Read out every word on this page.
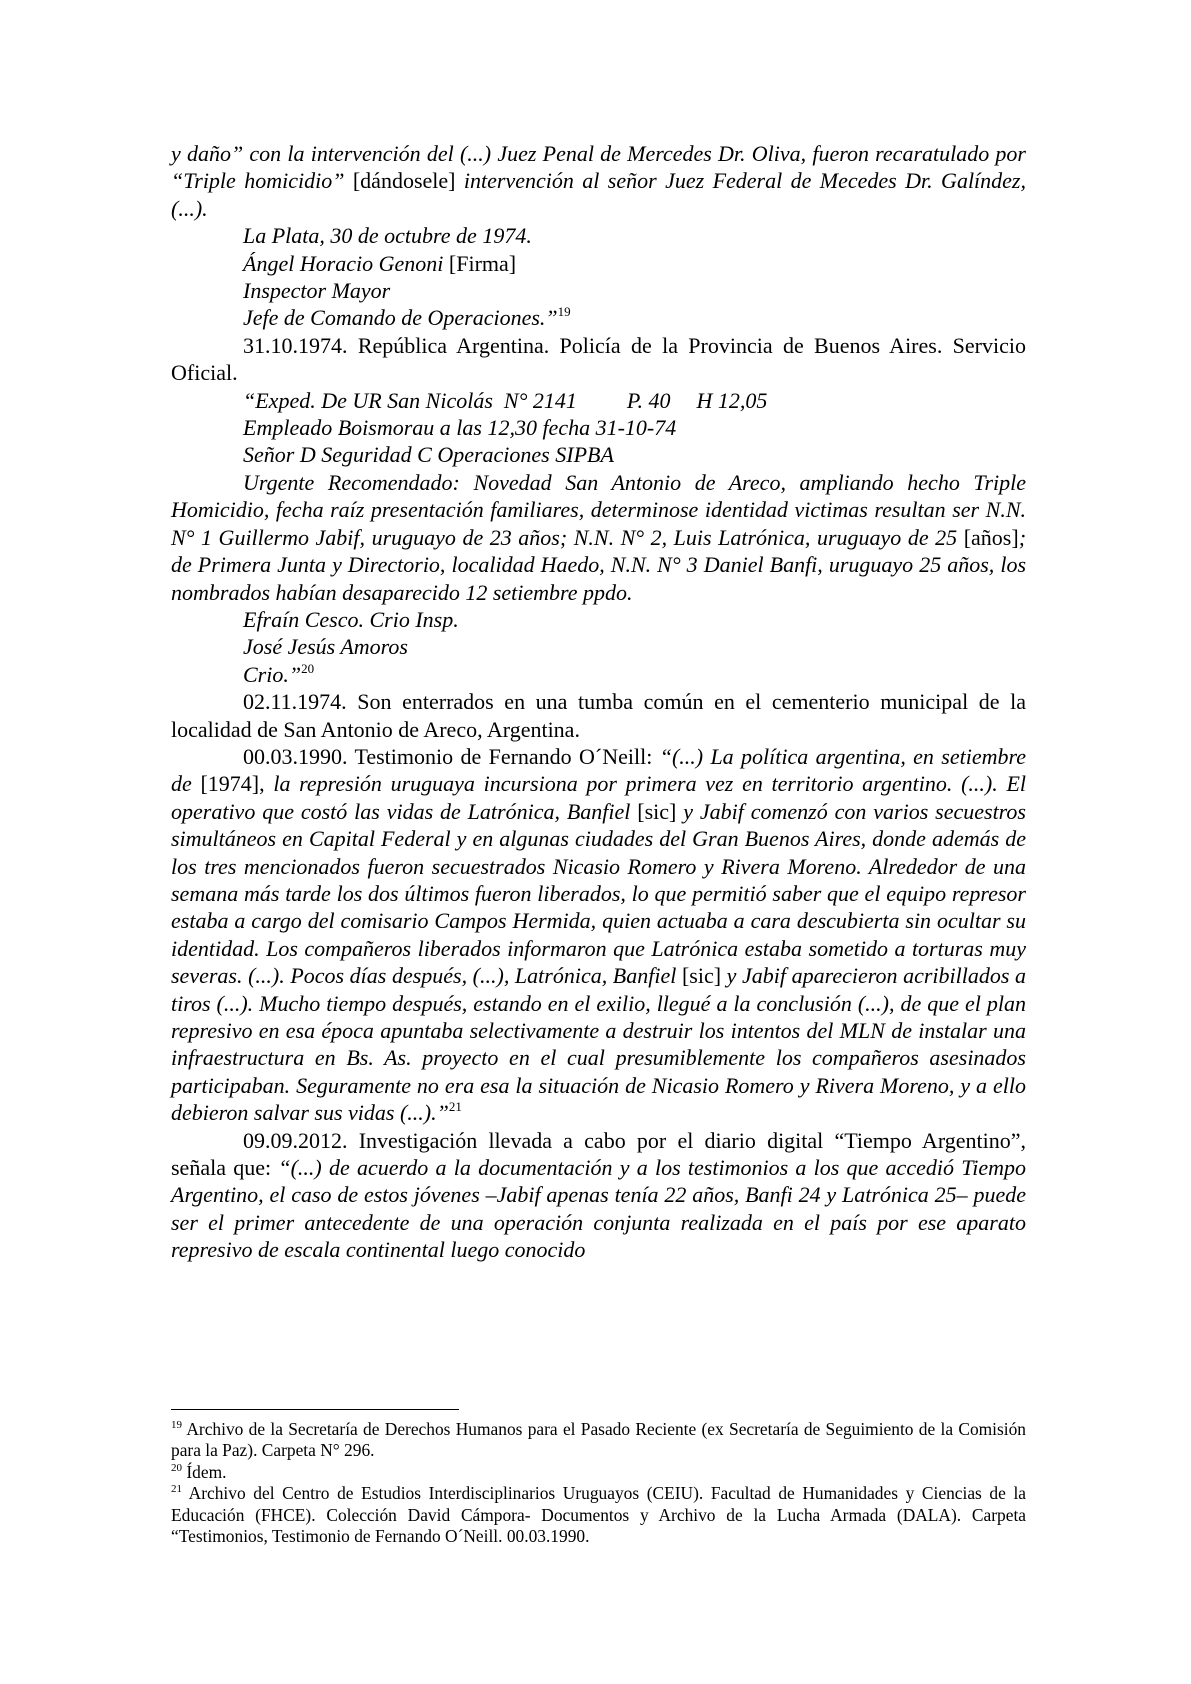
y daño” con la intervención del (...) Juez Penal de Mercedes Dr. Oliva, fueron recaratulado por “Triple homicidio” [dándosele] intervención al señor Juez Federal de Mecedes Dr. Galíndez, (...).

La Plata, 30 de octubre de 1974.

Ángel Horacio Genoni [Firma]

Inspector Mayor

Jefe de Comando de Operaciones.”$^{19}$

31.10.1974. República Argentina. Policía de la Provincia de Buenos Aires. Servicio Oficial.

“Exped. De UR San Nicolás  N° 2141 P. 40 H 12,05

Empleado Boismorau a las 12,30 fecha 31-10-74

Señor D Seguridad C Operaciones SIPBA

Urgente Recomendado: Novedad San Antonio de Areco, ampliando hecho Triple Homicidio, fecha raíz presentación familiares, determinose identidad victimas resultan ser N.N. N° 1 Guillermo Jabif, uruguayo de 23 años; N.N. N° 2, Luis Latrónica, uruguayo de 25 [años]; de Primera Junta y Directorio, localidad Haedo, N.N. N° 3 Daniel Banfi, uruguayo 25 años, los nombrados habían desaparecido 12 setiembre ppdo.

Efraín Cesco. Crio Insp.

José Jesús Amoros

Crio.”$^{20}$

02.11.1974. Son enterrados en una tumba común en el cementerio municipal de la localidad de San Antonio de Areco, Argentina.

00.03.1990. Testimonio de Fernando O´Neill: “(...) La política argentina, en setiembre de [1974], la represión uruguaya incursiona por primera vez en territorio argentino. (...). El operativo que costó las vidas de Latrónica, Banfiel [sic] y Jabif comenzó con varios secuestros simultáneos en Capital Federal y en algunas ciudades del Gran Buenos Aires, donde además de los tres mencionados fueron secuestrados Nicasio Romero y Rivera Moreno. Alrededor de una semana más tarde los dos últimos fueron liberados, lo que permitió saber que el equipo represor estaba a cargo del comisario Campos Hermida, quien actuaba a cara descubierta sin ocultar su identidad. Los compañeros liberados informaron que Latrónica estaba sometido a torturas muy severas. (...). Pocos días después, (...), Latrónica, Banfiel [sic] y Jabif aparecieron acribillados a tiros (...). Mucho tiempo después, estando en el exilio, llegué a la conclusión (...), de que el plan represivo en esa época apuntaba selectivamente a destruir los intentos del MLN de instalar una infraestructura en Bs. As. proyecto en el cual presumiblemente los compañeros asesinados participaban. Seguramente no era esa la situación de Nicasio Romero y Rivera Moreno, y a ello debieron salvar sus vidas (...).”$^{21}$

09.09.2012. Investigación llevada a cabo por el diario digital “Tiempo Argentino”, señala que: “(...) de acuerdo a la documentación y a los testimonios a los que accedió Tiempo Argentino, el caso de estos jóvenes –Jabif apenas tenía 22 años, Banfi 24 y Latrónica 25– puede ser el primer antecedente de una operación conjunta realizada en el país por ese aparato represivo de escala continental luego conocido

$^{19}$ Archivo de la Secretaría de Derechos Humanos para el Pasado Reciente (ex Secretaría de Seguimiento de la Comisión para la Paz). Carpeta N° 296.

$^{20}$ Ídem.

$^{21}$ Archivo del Centro de Estudios Interdisciplinarios Uruguayos (CEIU). Facultad de Humanidades y Ciencias de la Educación (FHCE). Colección David Cámpora- Documentos y Archivo de la Lucha Armada (DALA). Carpeta “Testimonios, Testimonio de Fernando O´Neill. 00.03.1990.
